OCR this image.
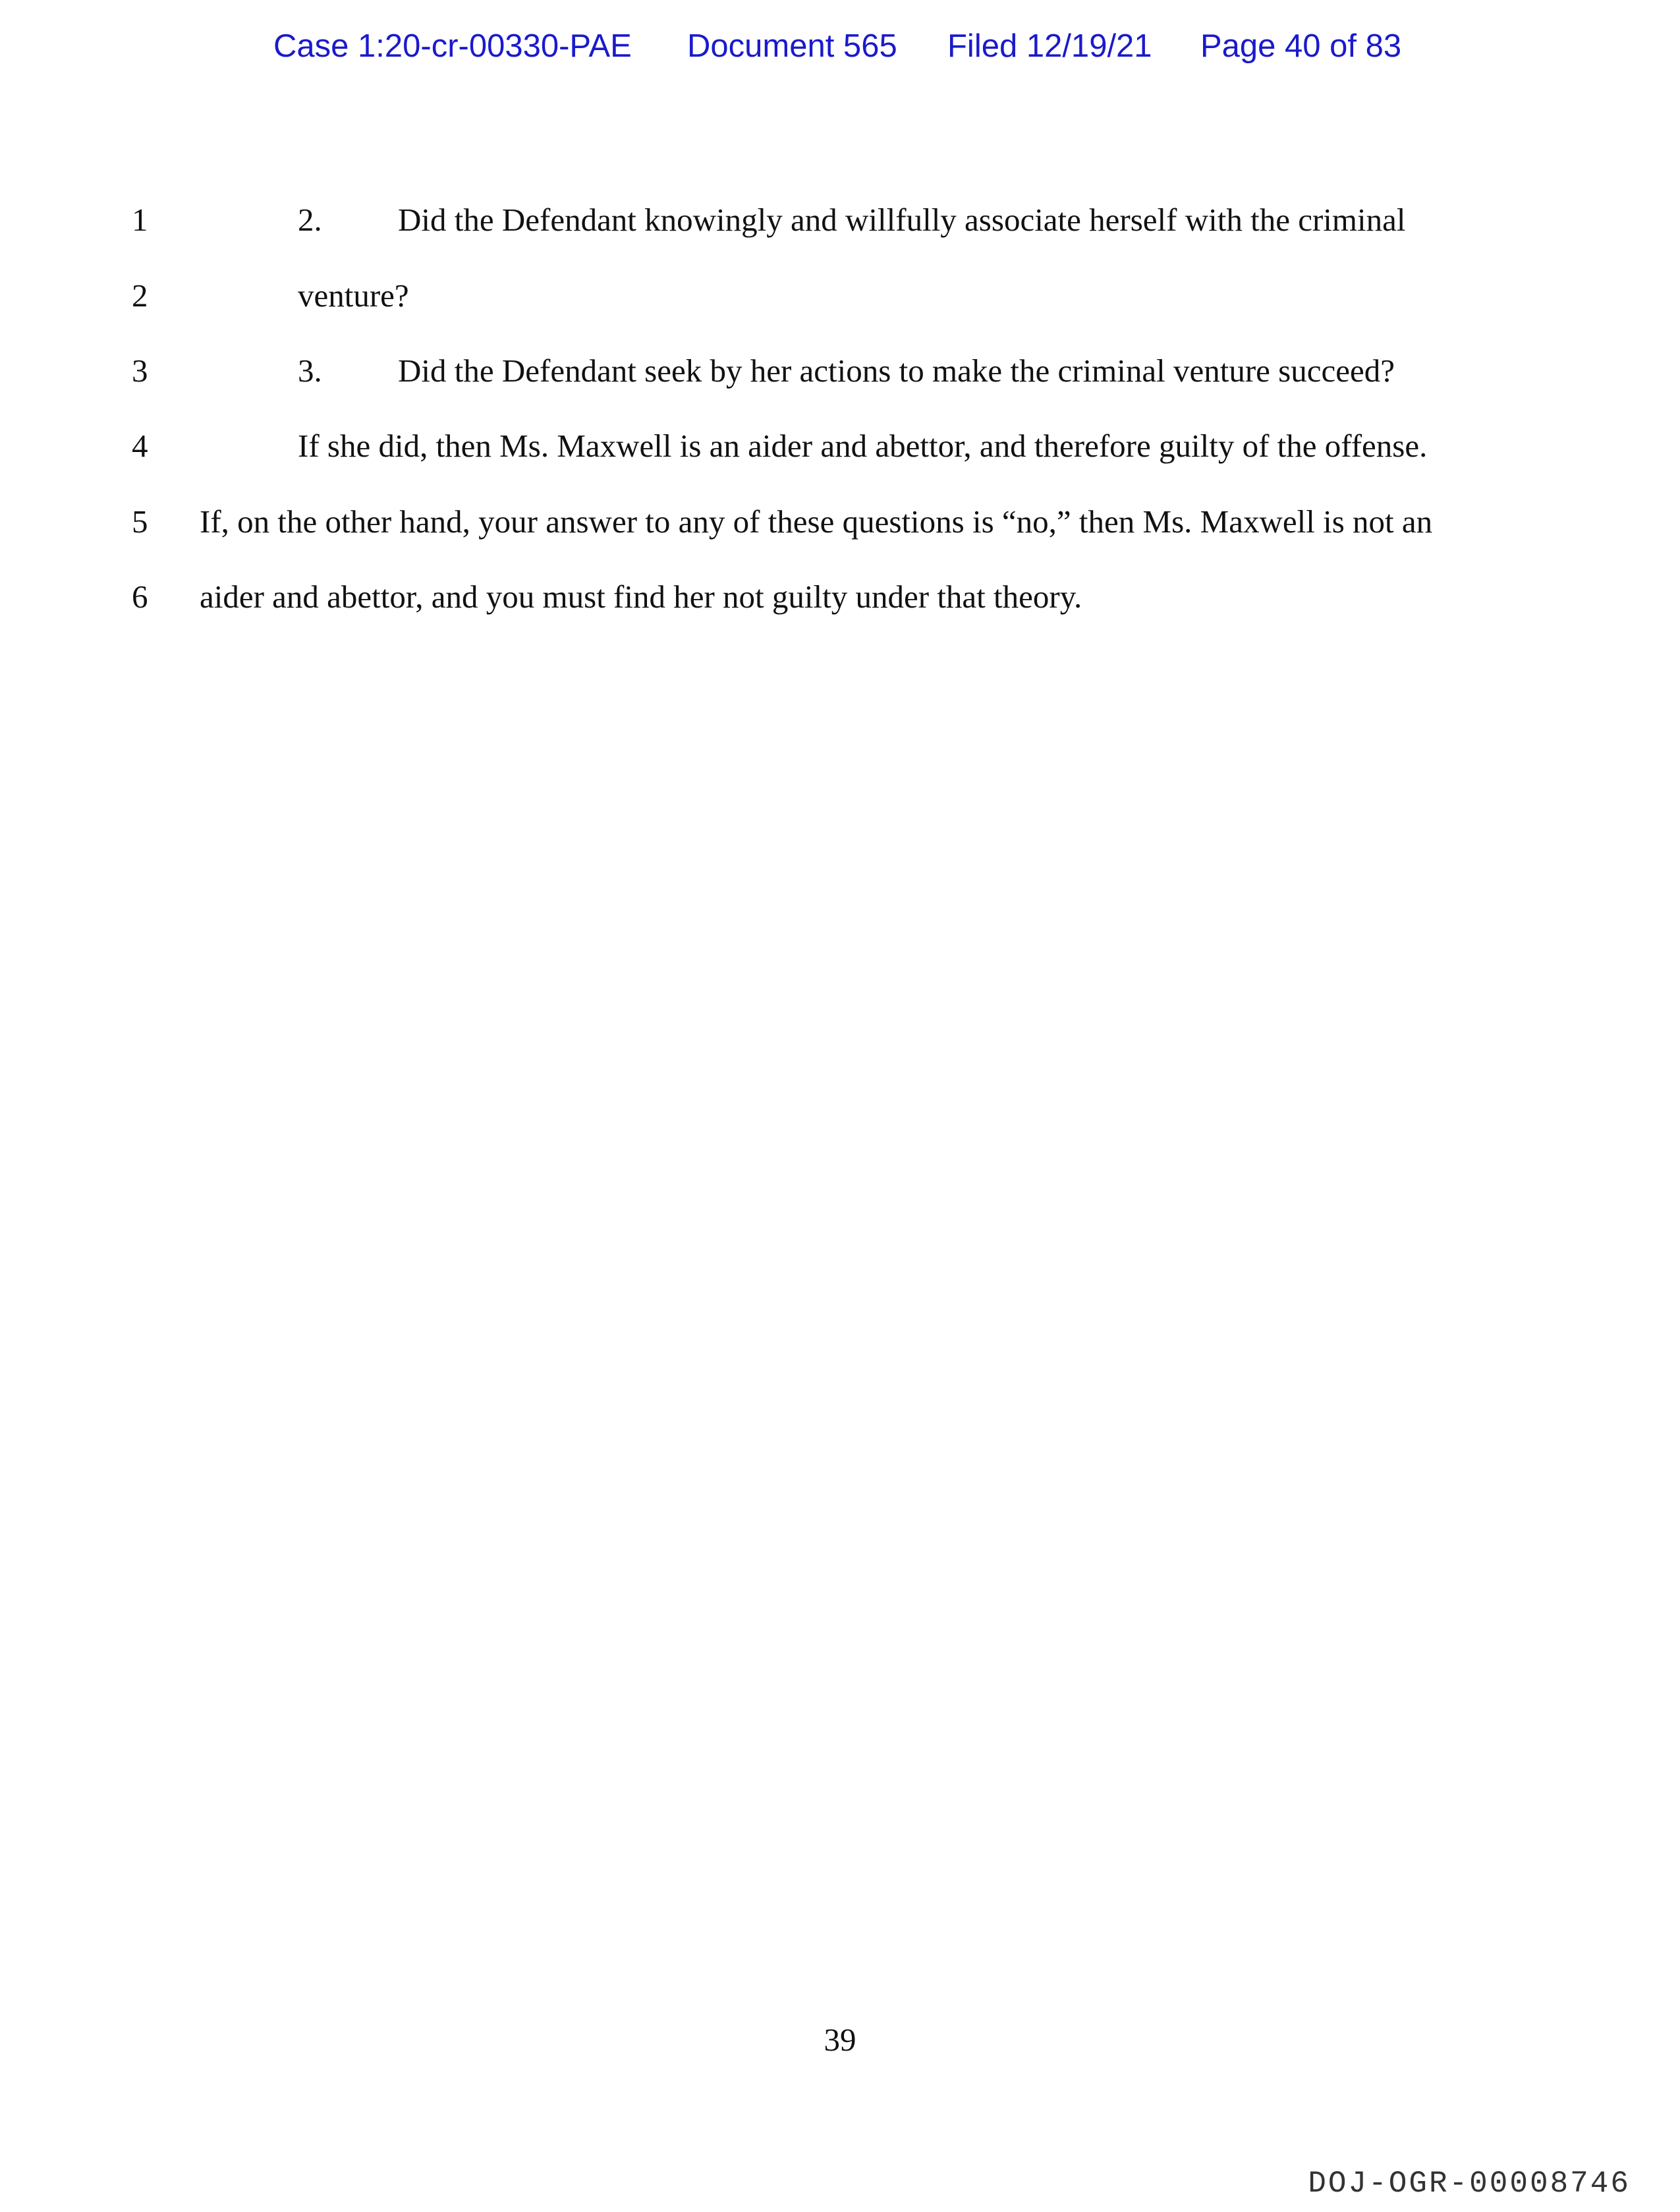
Case 1:20-cr-00330-PAE Document 565 Filed 12/19/21 Page 40 of 83
1	2. Did the Defendant knowingly and willfully associate herself with the criminal
2	venture?
3	3. Did the Defendant seek by her actions to make the criminal venture succeed?
4	If she did, then Ms. Maxwell is an aider and abettor, and therefore guilty of the offense.
5 If, on the other hand, your answer to any of these questions is “no,” then Ms. Maxwell is not an
6 aider and abettor, and you must find her not guilty under that theory.
39
DOJ-OGR-00008746
